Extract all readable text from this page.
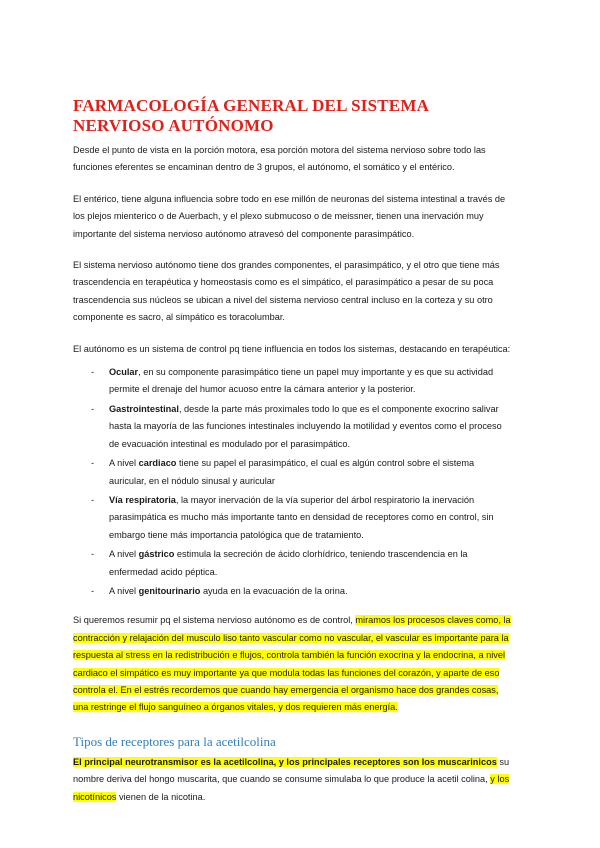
FARMACOLOGÍA GENERAL DEL SISTEMA NERVIOSO AUTÓNOMO

Desde el punto de vista en la porción motora, esa porción motora del sistema nervioso sobre todo las funciones eferentes se encaminan dentro de 3 grupos, el autónomo, el somático y el entérico.

El entérico, tiene alguna influencia sobre todo en ese millón de neuronas del sistema intestinal a través de los plejos mienterico o de Auerbach, y el plexo submucoso o de meissner, tienen una inervación muy importante del sistema nervioso autónomo atravesó del componente parasimpático.

El sistema nervioso autónomo tiene dos grandes componentes, el parasimpático, y el otro que tiene más trascendencia en terapéutica y homeostasis como es el simpático, el parasimpático a pesar de su poca trascendencia sus núcleos se ubican a nivel del sistema nervioso central incluso en la corteza y su otro componente es sacro, al simpático es toracolumbar.

El autónomo es un sistema de control pq tiene influencia en todos los sistemas, destacando en terapéutica:

- Ocular, en su componente parasimpático tiene un papel muy importante y es que su actividad permite el drenaje del humor acuoso entre la cámara anterior y la posterior.
- Gastrointestinal, desde la parte más proximales todo lo que es el componente exocrino salivar hasta la mayoría de las funciones intestinales incluyendo la motilidad y eventos como el proceso de evacuación intestinal es modulado por el parasimpático.
- A nivel cardiaco tiene su papel el parasimpático, el cual es algún control sobre el sistema auricular, en el nódulo sinusal y auricular
- Vía respiratoria, la mayor inervación de la vía superior del árbol respiratorio la inervación parasimpática es mucho más importante tanto en densidad de receptores como en control, sin embargo tiene más importancia patológica que de tratamiento.
- A nivel gástrico estimula la secreción de ácido clorhídrico, teniendo trascendencia en la enfermedad acido péptica.
- A nivel genitourinario ayuda en la evacuación de la orina.

Si queremos resumir pq el sistema nervioso autónomo es de control, miramos los procesos claves como, la contracción y relajación del musculo liso tanto vascular como no vascular, el vascular es importante para la respuesta al stress en la redistribución e flujos, controla también la función exocrina y la endocrina, a nivel cardiaco el simpático es muy importante ya que modula todas las funciones del corazón, y aparte de eso controla el. En el estrés recordemos que cuando hay emergencia el organismo hace dos grandes cosas, una restringe el flujo sanguíneo a órganos vitales, y dos requieren más energía.

Tipos de receptores para la acetilcolina

El principal neurotransmisor es la acetilcolina, y los principales receptores son los muscarinicos su nombre deriva del hongo muscarita, que cuando se consume simulaba lo que produce la acetil colina, y los nicotínicos vienen de la nicotina.
